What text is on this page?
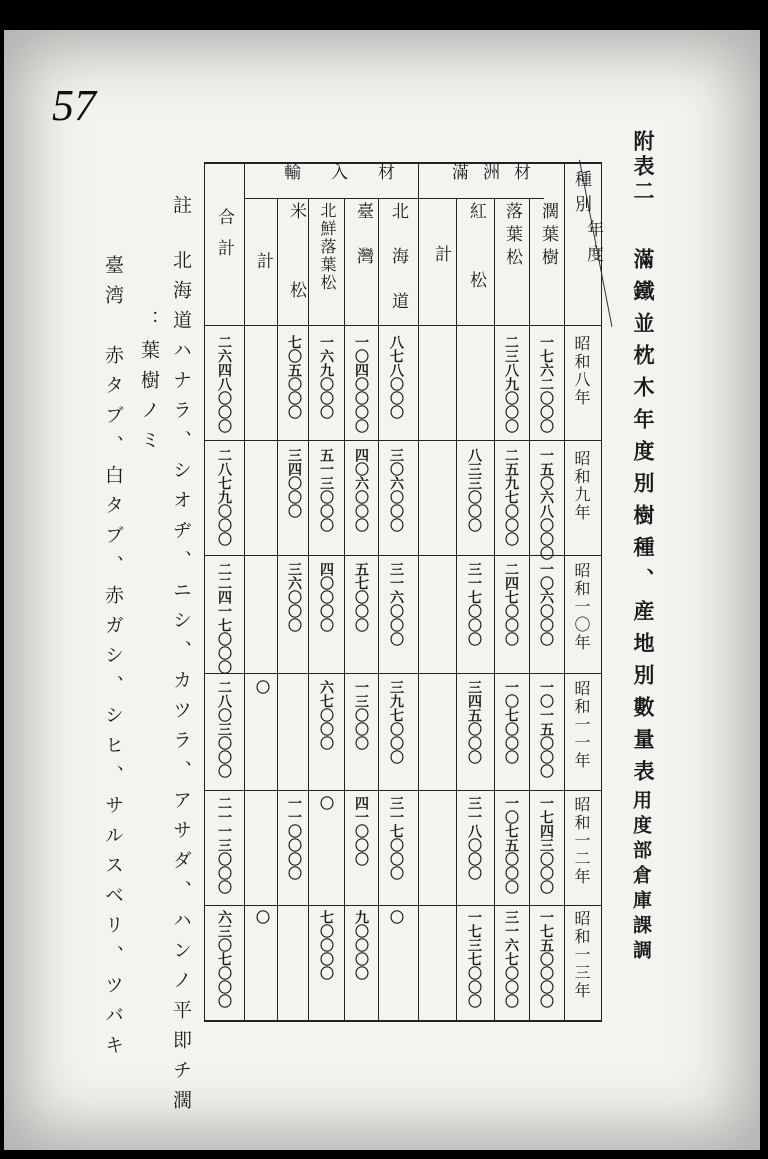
57
附表二
滿鐵並枕木年度別樹種、産地別數量表
用度部倉庫課調
種別
年度
滿洲材
輸入材
濶葉樹
落葉松
紅松
計
北海道
臺灣
北鮮落葉松
米松
計
合計
昭和八年
昭和九年
昭和一〇年
昭和一一年
昭和一二年
昭和一三年
一七六二〇〇〇
二三八九〇〇〇
八七八〇〇〇
一〇四〇〇〇〇
一六九〇〇〇
七〇五〇〇〇
二六四八〇〇〇
一五〇六八〇〇〇
二五九七〇〇〇
八三三〇〇〇
三〇六〇〇〇
四〇六〇〇〇
五一三〇〇〇
三四〇〇〇
二八七九〇〇〇
一〇六〇〇〇
二四七〇〇〇
三一七〇〇〇
三一六〇〇〇
五七〇〇〇
四〇〇〇〇
三六〇〇〇
二二四一七〇〇〇
一〇一五〇〇〇
一〇七〇〇〇
三四五〇〇〇
三九七〇〇〇
一三〇〇〇
六七〇〇〇
〇
二八〇三〇〇〇
一七四三〇〇〇
一〇七五〇〇〇
三一八〇〇〇
三一七〇〇〇
四一〇〇〇
〇
一一〇〇〇〇
二一一三〇〇〇
一七五〇〇〇〇
三一六七〇〇〇
一七三七〇〇〇
〇
九〇〇〇〇
七〇〇〇〇
〇
六三〇七〇〇〇
註
北海道ハナラ、シオヂ、ニシ、カツラ、アサダ、ハンノ平即チ濶
：葉樹ノミ
臺湾　赤タブ、白タブ、赤ガシ、シヒ、サルスベリ、ツバキ
